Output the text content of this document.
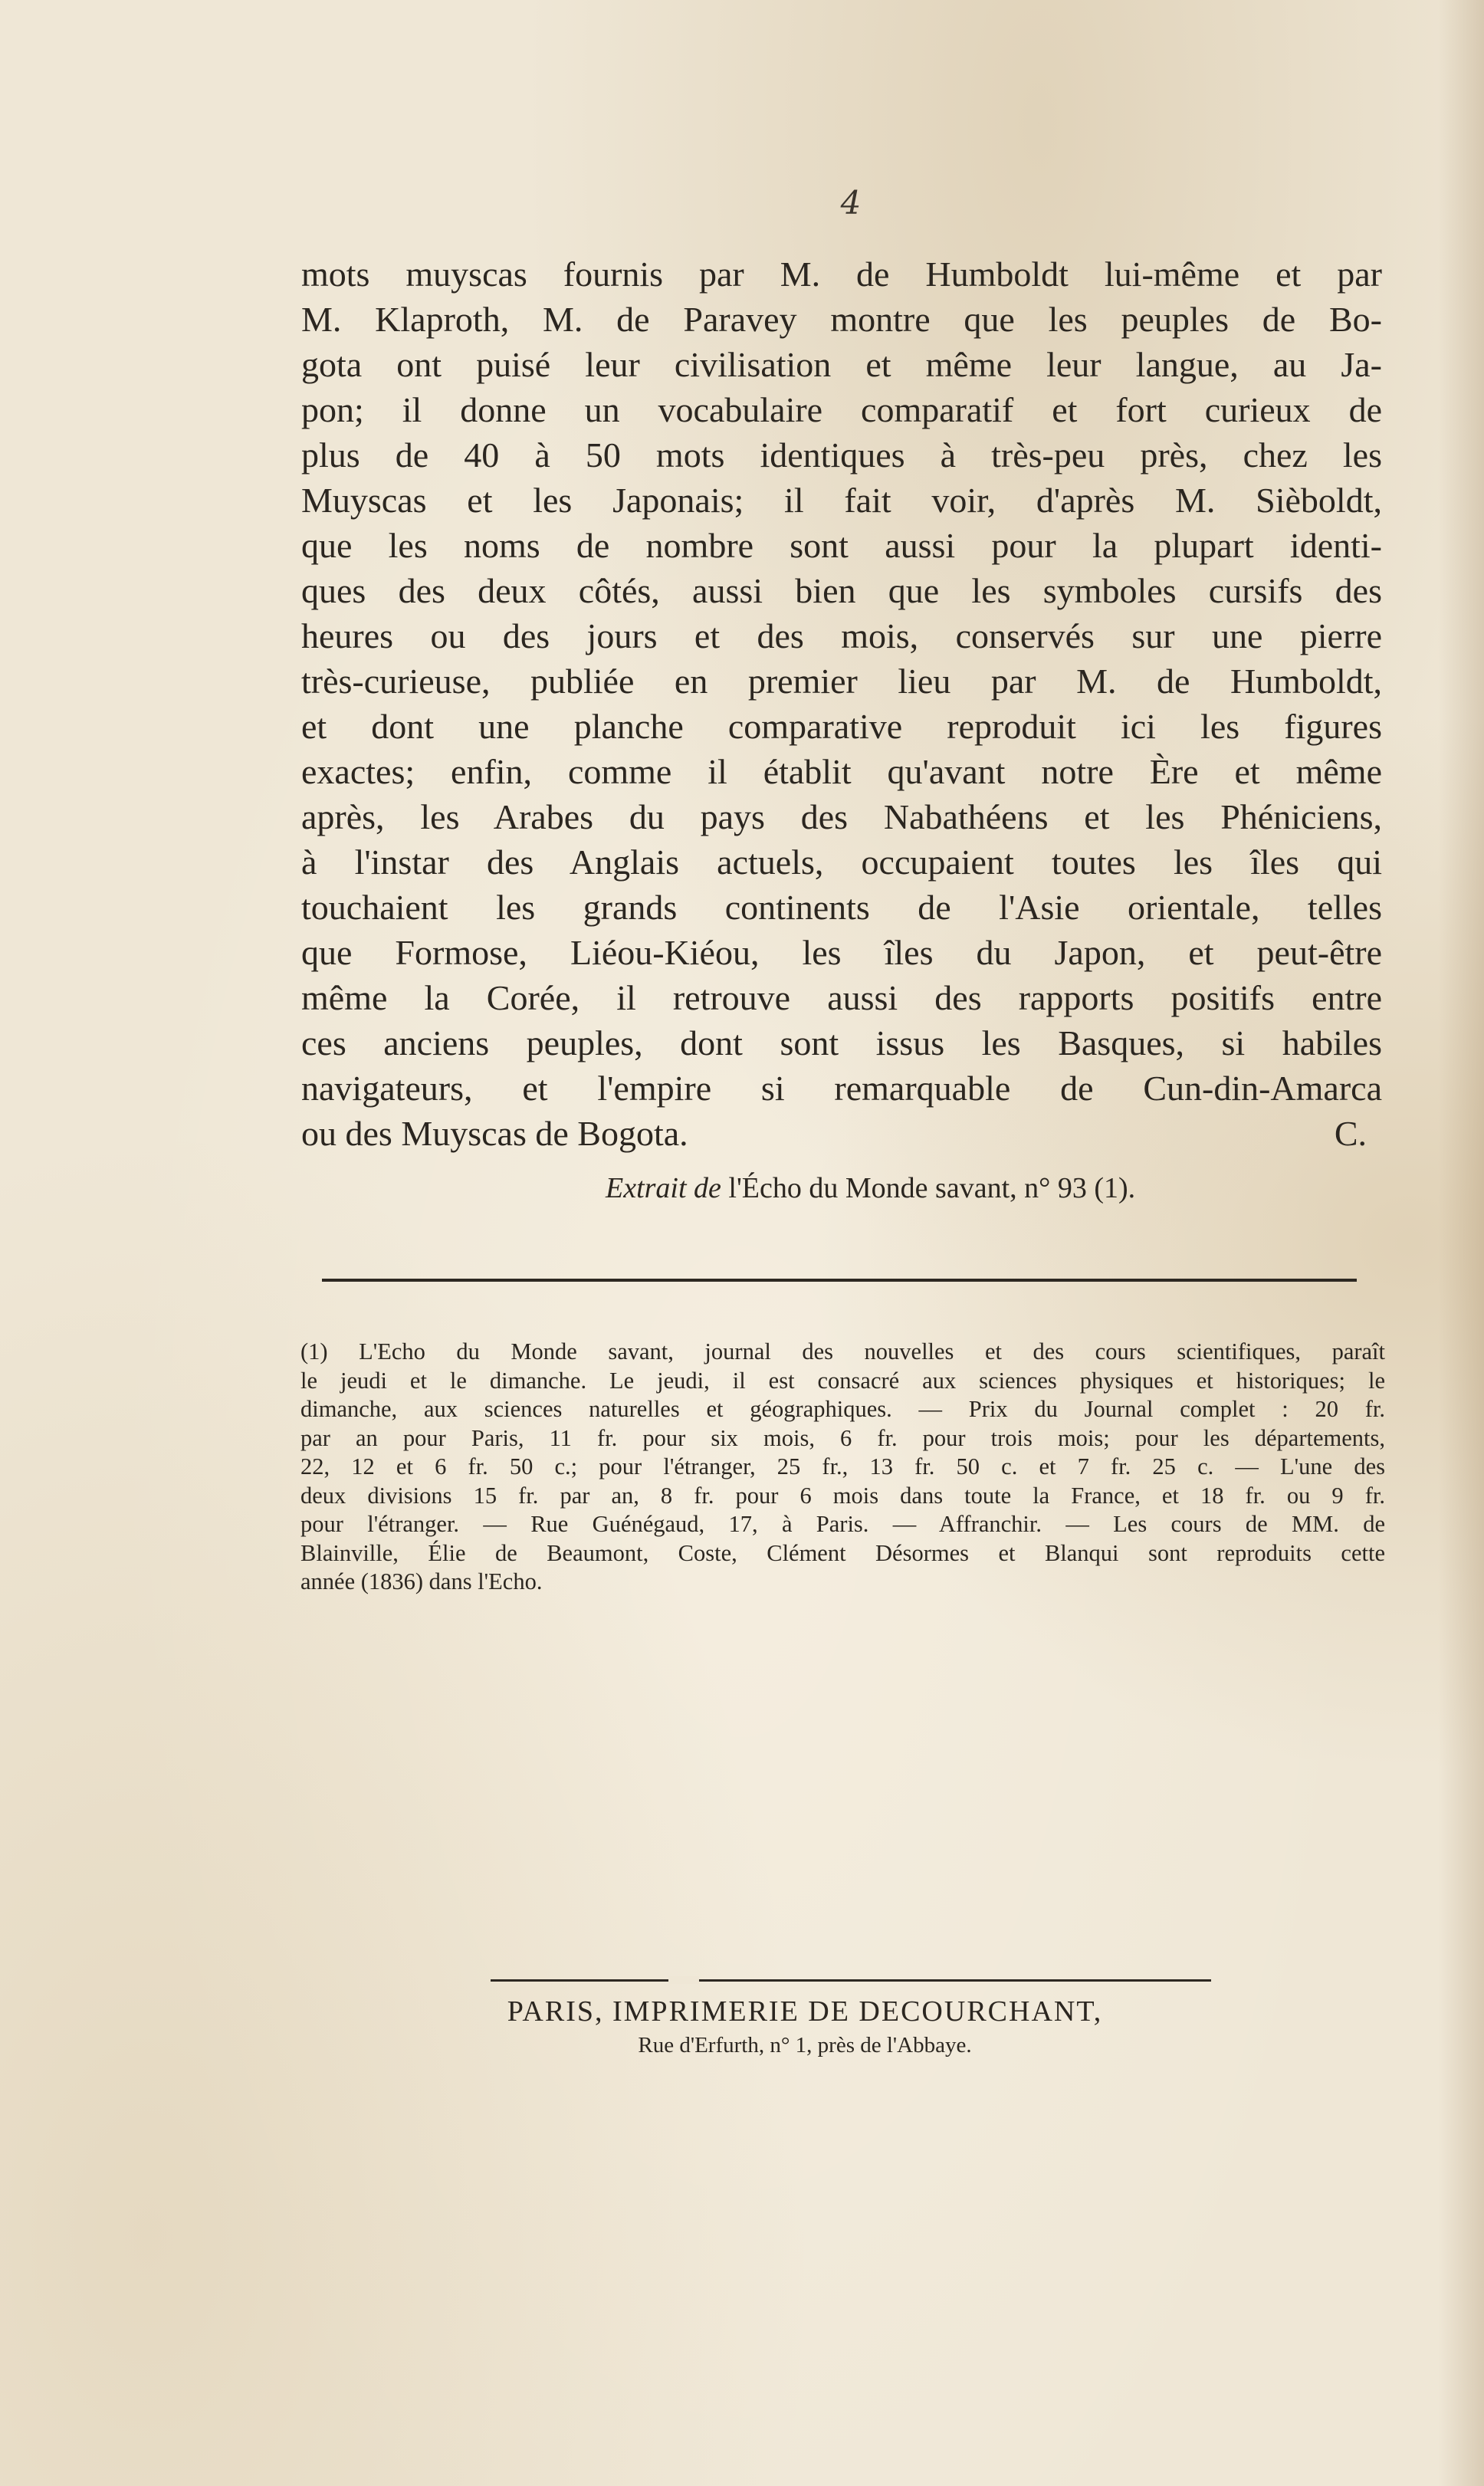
4
mots muyscas fournis par M. de Humboldt lui-même et par
M. Klaproth, M. de Paravey montre que les peuples de Bo-
gota ont puisé leur civilisation et même leur langue, au Ja-
pon; il donne un vocabulaire comparatif et fort curieux de
plus de 40 à 50 mots identiques à très-peu près, chez les
Muyscas et les Japonais; il fait voir, d'après M. Sièboldt,
que les noms de nombre sont aussi pour la plupart identi-
ques des deux côtés, aussi bien que les symboles cursifs des
heures ou des jours et des mois, conservés sur une pierre
très-curieuse, publiée en premier lieu par M. de Humboldt,
et dont une planche comparative reproduit ici les figures
exactes; enfin, comme il établit qu'avant notre Ère et même
après, les Arabes du pays des Nabathéens et les Phéniciens,
à l'instar des Anglais actuels, occupaient toutes les îles qui
touchaient les grands continents de l'Asie orientale, telles
que Formose, Liéou-Kiéou, les îles du Japon, et peut-être
même la Corée, il retrouve aussi des rapports positifs entre
ces anciens peuples, dont sont issus les Basques, si habiles
navigateurs, et l'empire si remarquable de Cun-din-Amarca
ou des Muyscas de Bogota.	C.
Extrait de l'Écho du Monde savant, n° 93 (1).
(1) L'Echo du Monde savant, journal des nouvelles et des cours scientifiques, paraît
le jeudi et le dimanche. Le jeudi, il est consacré aux sciences physiques et historiques; le
dimanche, aux sciences naturelles et géographiques. — Prix du Journal complet : 20 fr.
par an pour Paris, 11 fr. pour six mois, 6 fr. pour trois mois; pour les départements,
22, 12 et 6 fr. 50 c.; pour l'étranger, 25 fr., 13 fr. 50 c. et 7 fr. 25 c. — L'une des
deux divisions 15 fr. par an, 8 fr. pour 6 mois dans toute la France, et 18 fr. ou 9 fr.
pour l'étranger. — Rue Guénégaud, 17, à Paris. — Affranchir. — Les cours de MM. de
Blainville, Élie de Beaumont, Coste, Clément Désormes et Blanqui sont reproduits cette
année (1836) dans l'Echo.
PARIS, IMPRIMERIE DE DECOURCHANT,
Rue d'Erfurth, n° 1, près de l'Abbaye.
